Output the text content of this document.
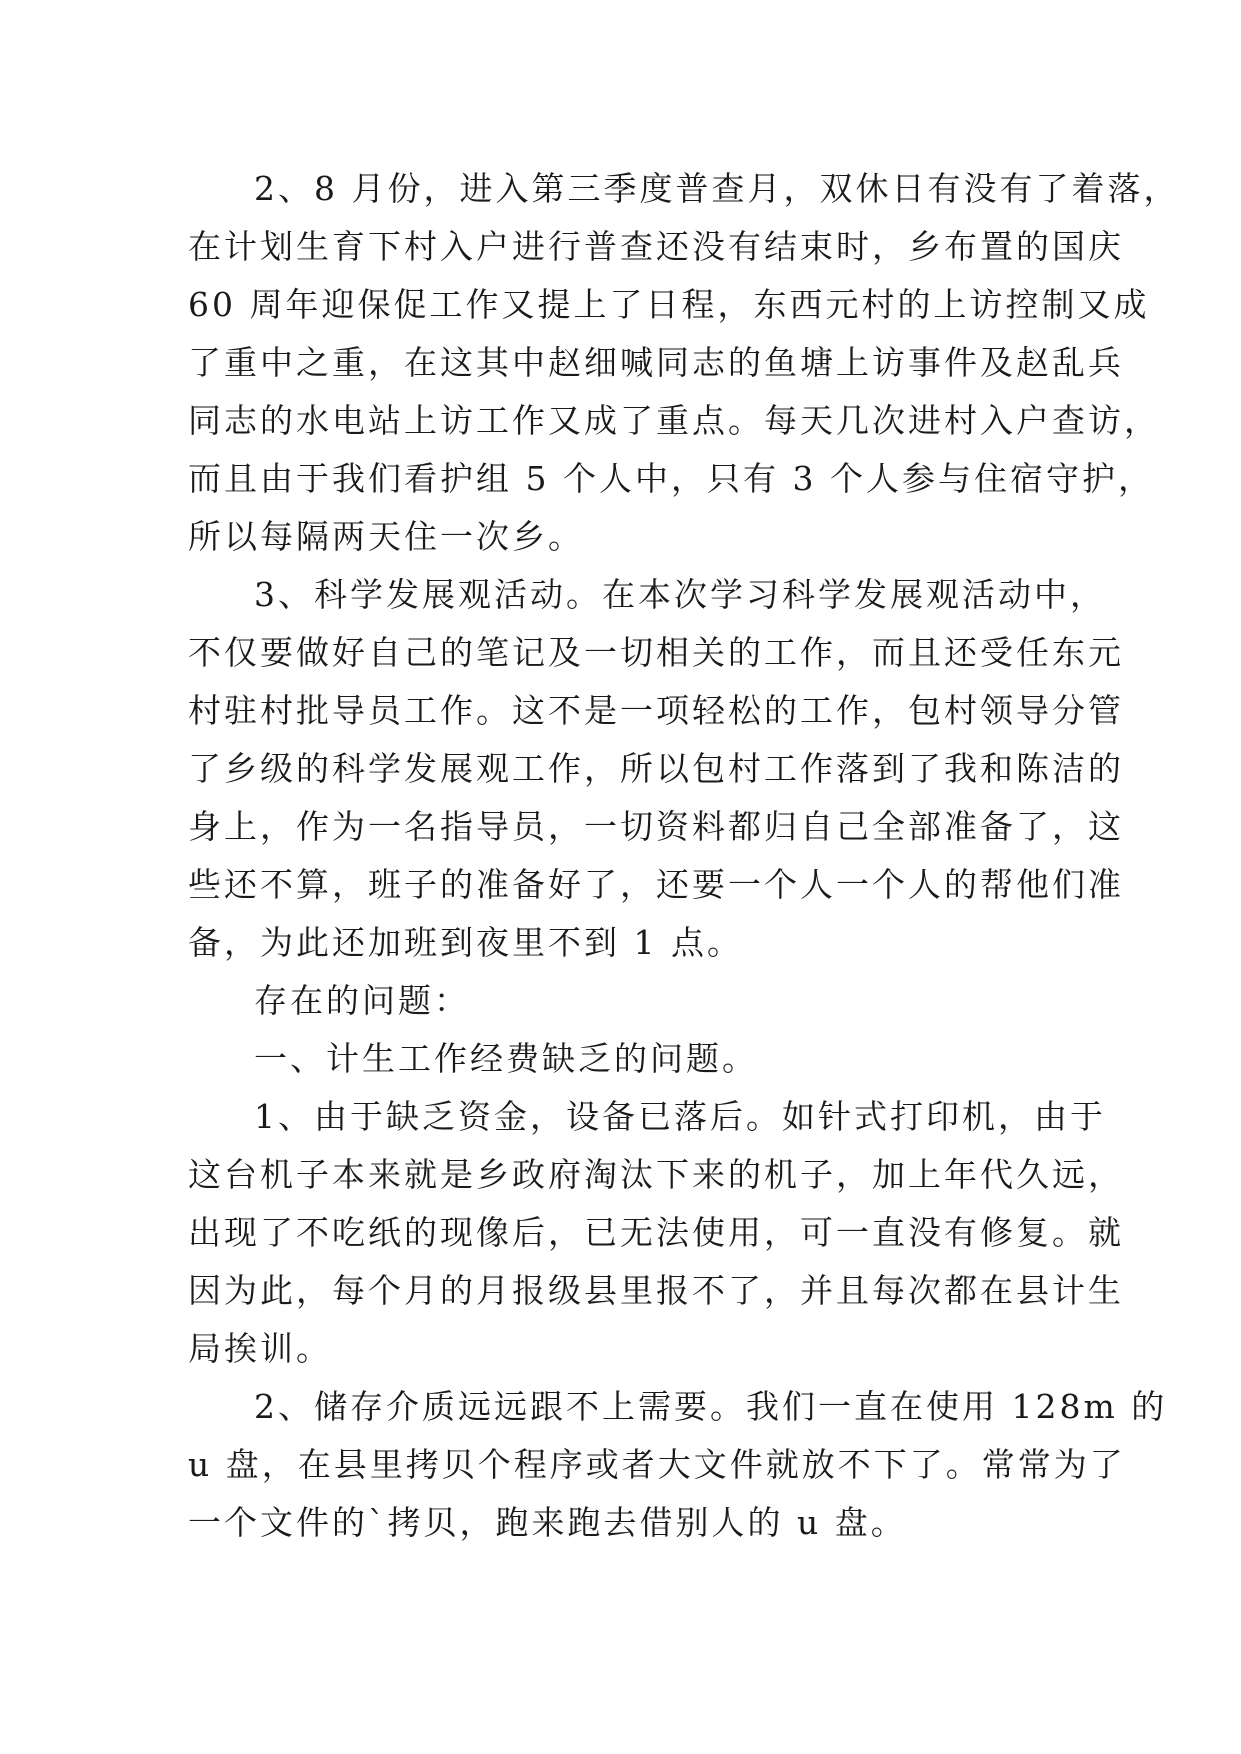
2、8 月份，进入第三季度普查月，双休日有没有了着落，
在计划生育下村入户进行普查还没有结束时，乡布置的国庆
60 周年迎保促工作又提上了日程，东西元村的上访控制又成
了重中之重，在这其中赵细喊同志的鱼塘上访事件及赵乱兵
同志的水电站上访工作又成了重点。每天几次进村入户查访，
而且由于我们看护组 5 个人中，只有 3 个人参与住宿守护，
所以每隔两天住一次乡。
3、科学发展观活动。在本次学习科学发展观活动中，
不仅要做好自己的笔记及一切相关的工作，而且还受任东元
村驻村批导员工作。这不是一项轻松的工作，包村领导分管
了乡级的科学发展观工作，所以包村工作落到了我和陈洁的
身上，作为一名指导员，一切资料都归自己全部准备了，这
些还不算，班子的准备好了，还要一个人一个人的帮他们准
备，为此还加班到夜里不到 1 点。
存在的问题：
一、计生工作经费缺乏的问题。
1、由于缺乏资金，设备已落后。如针式打印机，由于
这台机子本来就是乡政府淘汰下来的机子，加上年代久远，
出现了不吃纸的现像后，已无法使用，可一直没有修复。就
因为此，每个月的月报级县里报不了，并且每次都在县计生
局挨训。
2、储存介质远远跟不上需要。我们一直在使用 128m 的
u 盘，在县里拷贝个程序或者大文件就放不下了。常常为了
一个文件的`拷贝，跑来跑去借别人的 u 盘。
